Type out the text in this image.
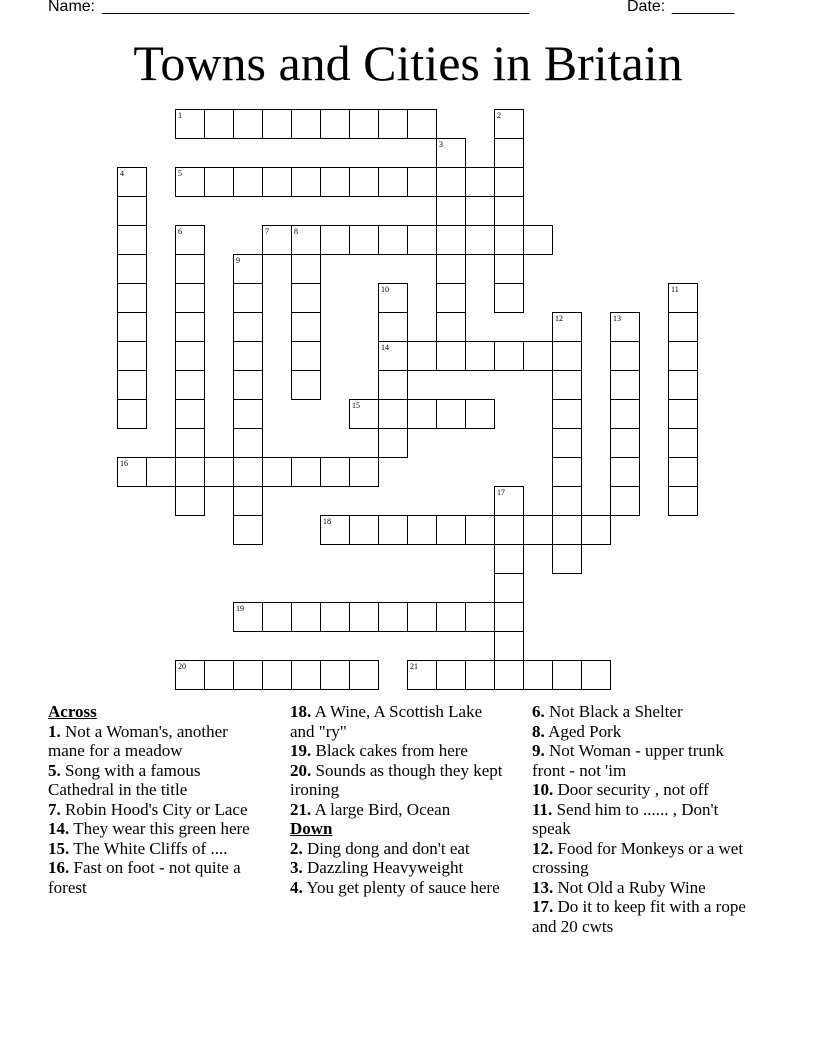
Name: ________________________________________________	Date: _______
Towns and Cities in Britain
1
5
7	8
14
15
16
18
19
20	21
2
3
4
6
9
10	11
12	13
17

Across

1. Not a Woman's, another mane for a meadow

5. Song with a famous Cathedral in the title

7. Robin Hood's City or Lace

14. They wear this green here

15. The White Cliffs of ....

16. Fast on foot - not quite a forest

18. A Wine, A Scottish Lake and "ry"

19. Black cakes from here

20. Sounds as though they kept ironing

21. A large Bird, Ocean

Down

2. Ding dong and don't eat

3. Dazzling Heavyweight

4. You get plenty of sauce here

6. Not Black a Shelter

8. Aged Pork

9. Not Woman - upper trunk front - not 'im

10. Door security , not off

11. Send him to ...... , Don't speak

12. Food for Monkeys or a wet crossing

13. Not Old a Ruby Wine

17. Do it to keep fit with a rope and 20 cwts
